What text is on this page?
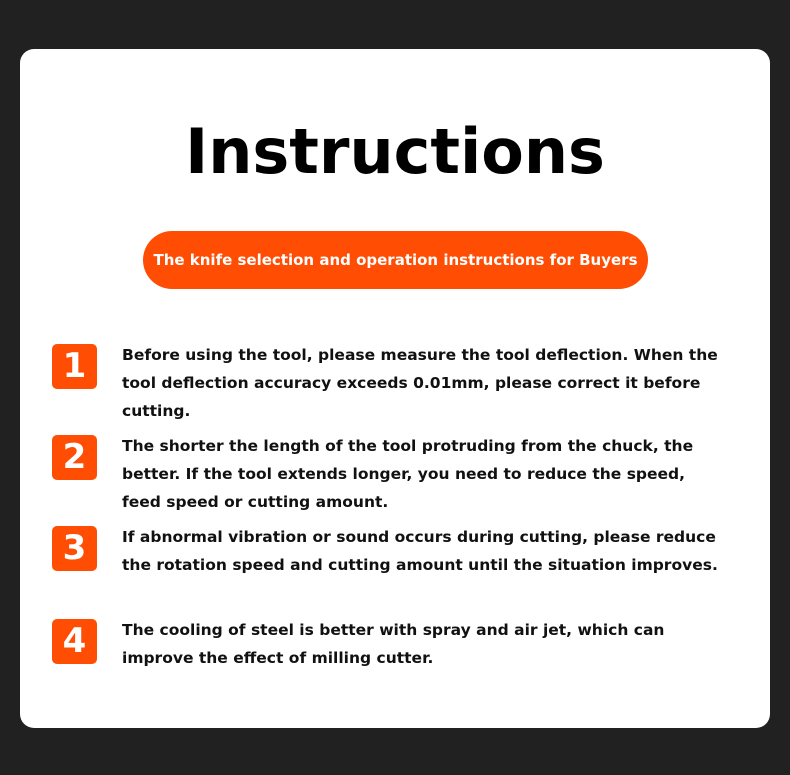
Instructions
The knife selection and operation instructions for Buyers
1	Before using the tool, please measure the tool deflection. When the tool deflection accuracy exceeds 0.01mm, please correct it before cutting.
2	The shorter the length of the tool protruding from the chuck, the better. If the tool extends longer, you need to reduce the speed, feed speed or cutting amount.
3	If abnormal vibration or sound occurs during cutting, please reduce the rotation speed and cutting amount until the situation improves.
4	The cooling of steel is better with spray and air jet, which can improve the effect of milling cutter.
